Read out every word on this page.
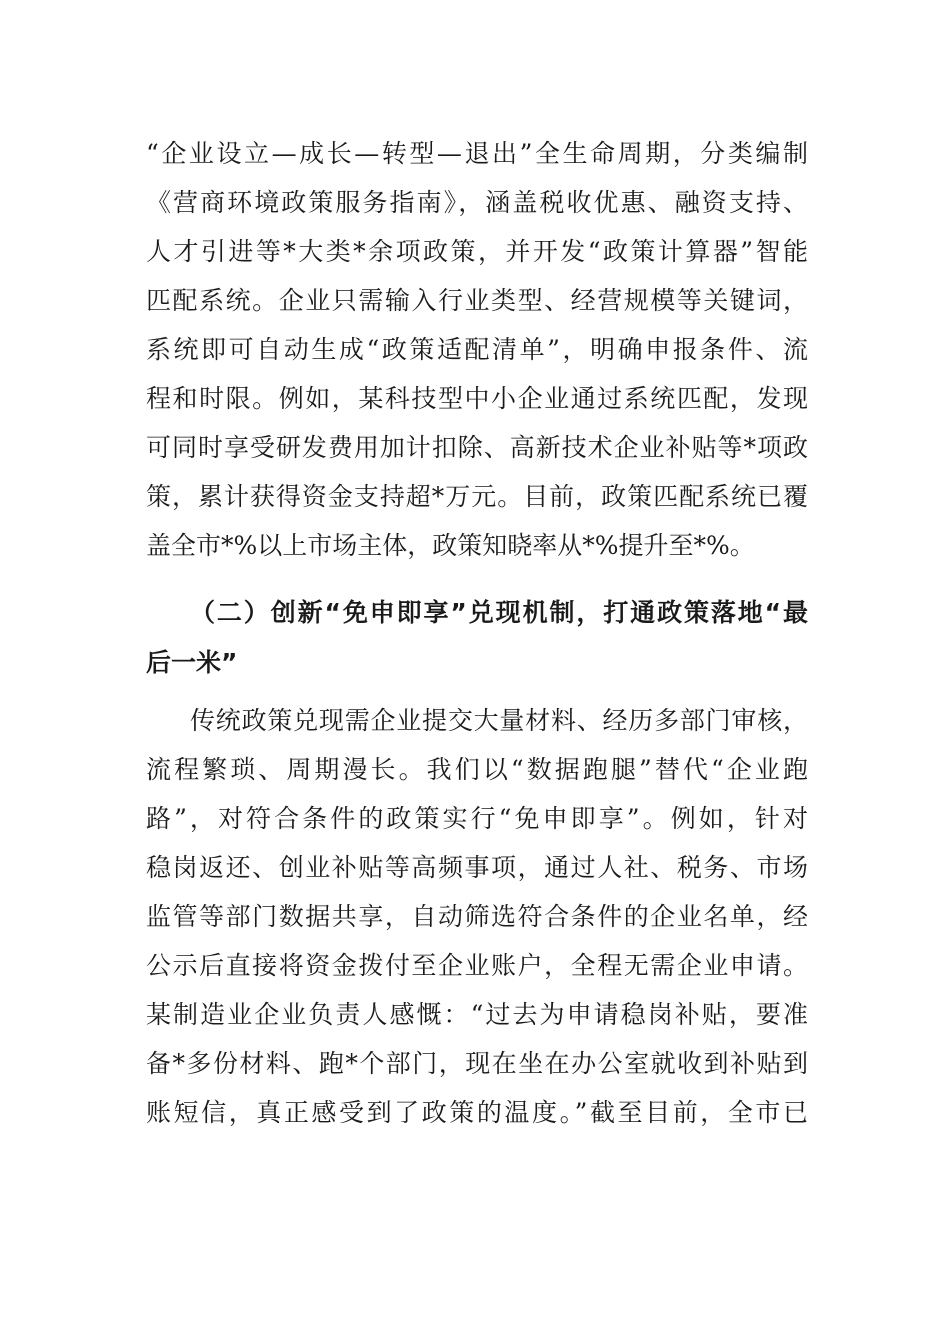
“企业设立—成长—转型—退出”全生命周期，分类编制
《营商环境政策服务指南》，涵盖税收优惠、融资支持、
人才引进等*大类*余项政策，并开发“政策计算器”智能
匹配系统。企业只需输入行业类型、经营规模等关键词，
系统即可自动生成“政策适配清单”，明确申报条件、流
程和时限。例如，某科技型中小企业通过系统匹配，发现
可同时享受研发费用加计扣除、高新技术企业补贴等*项政
策，累计获得资金支持超*万元。目前，政策匹配系统已覆
盖全市*%以上市场主体，政策知晓率从*%提升至*%。
（二）创新“免申即享”兑现机制，打通政策落地“最
后一米”
传统政策兑现需企业提交大量材料、经历多部门审核，
流程繁琐、周期漫长。我们以“数据跑腿”替代“企业跑
路”，对符合条件的政策实行“免申即享”。例如，针对
稳岗返还、创业补贴等高频事项，通过人社、税务、市场
监管等部门数据共享，自动筛选符合条件的企业名单，经
公示后直接将资金拨付至企业账户，全程无需企业申请。
某制造业企业负责人感慨：“过去为申请稳岗补贴，要准
备*多份材料、跑*个部门，现在坐在办公室就收到补贴到
账短信，真正感受到了政策的温度。”截至目前，全市已
